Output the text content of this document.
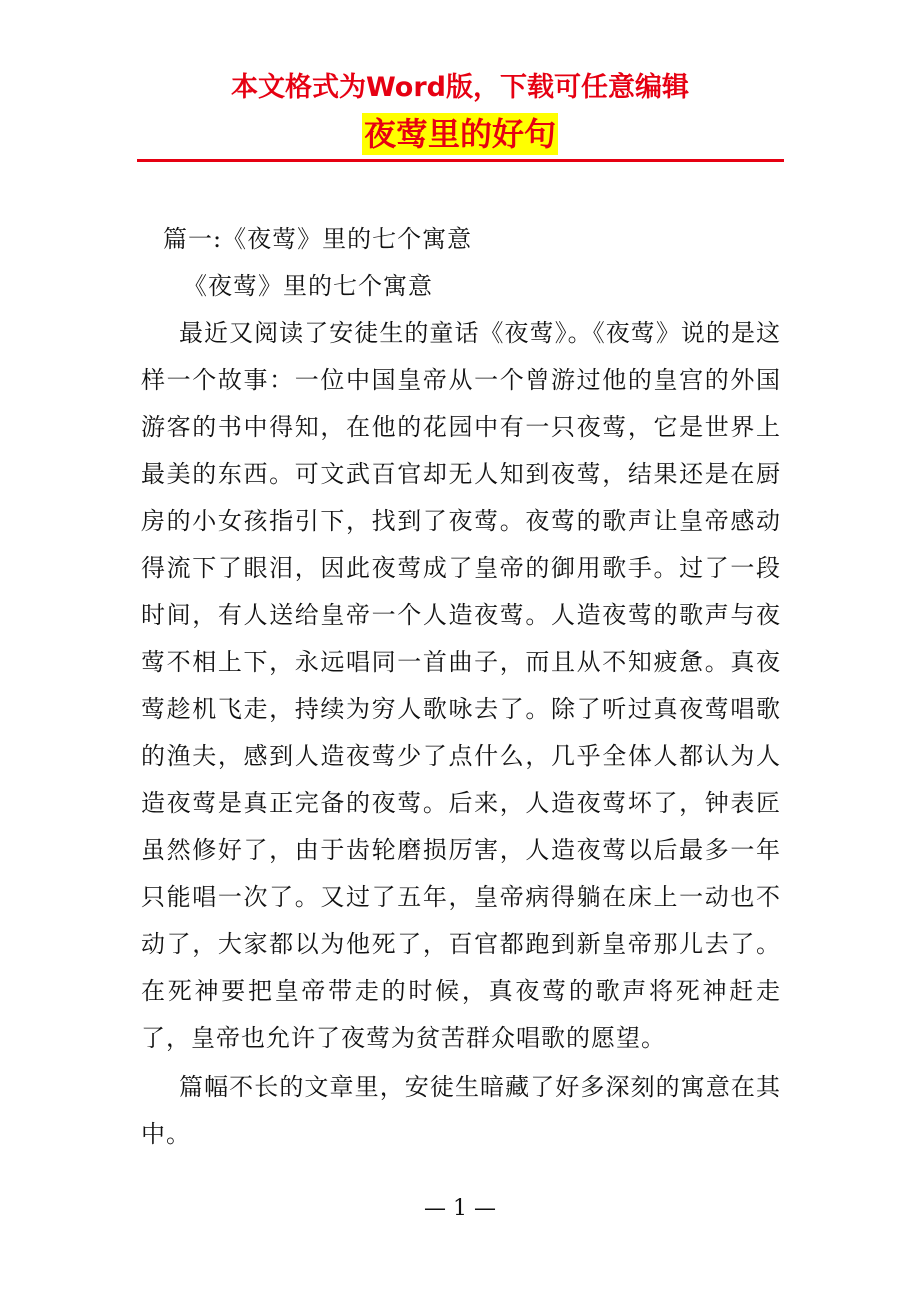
本文格式为Word版，下载可任意编辑
夜莺里的好句

篇一:《夜莺》里的七个寓意

《夜莺》里的七个寓意

最近又阅读了安徒生的童话《夜莺》。《夜莺》说的是这样一个故事：一位中国皇帝从一个曾游过他的皇宫的外国游客的书中得知，在他的花园中有一只夜莺，它是世界上最美的东西。可文武百官却无人知到夜莺，结果还是在厨房的小女孩指引下，找到了夜莺。夜莺的歌声让皇帝感动得流下了眼泪，因此夜莺成了皇帝的御用歌手。过了一段时间，有人送给皇帝一个人造夜莺。人造夜莺的歌声与夜莺不相上下，永远唱同一首曲子，而且从不知疲惫。真夜莺趁机飞走，持续为穷人歌咏去了。除了听过真夜莺唱歌的渔夫，感到人造夜莺少了点什么，几乎全体人都认为人造夜莺是真正完备的夜莺。后来，人造夜莺坏了，钟表匠虽然修好了，由于齿轮磨损厉害，人造夜莺以后最多一年只能唱一次了。又过了五年，皇帝病得躺在床上一动也不动了，大家都以为他死了，百官都跑到新皇帝那儿去了。在死神要把皇帝带走的时候，真夜莺的歌声将死神赶走了，皇帝也允许了夜莺为贫苦群众唱歌的愿望。

篇幅不长的文章里，安徒生暗藏了好多深刻的寓意在其中。

— 1 —
